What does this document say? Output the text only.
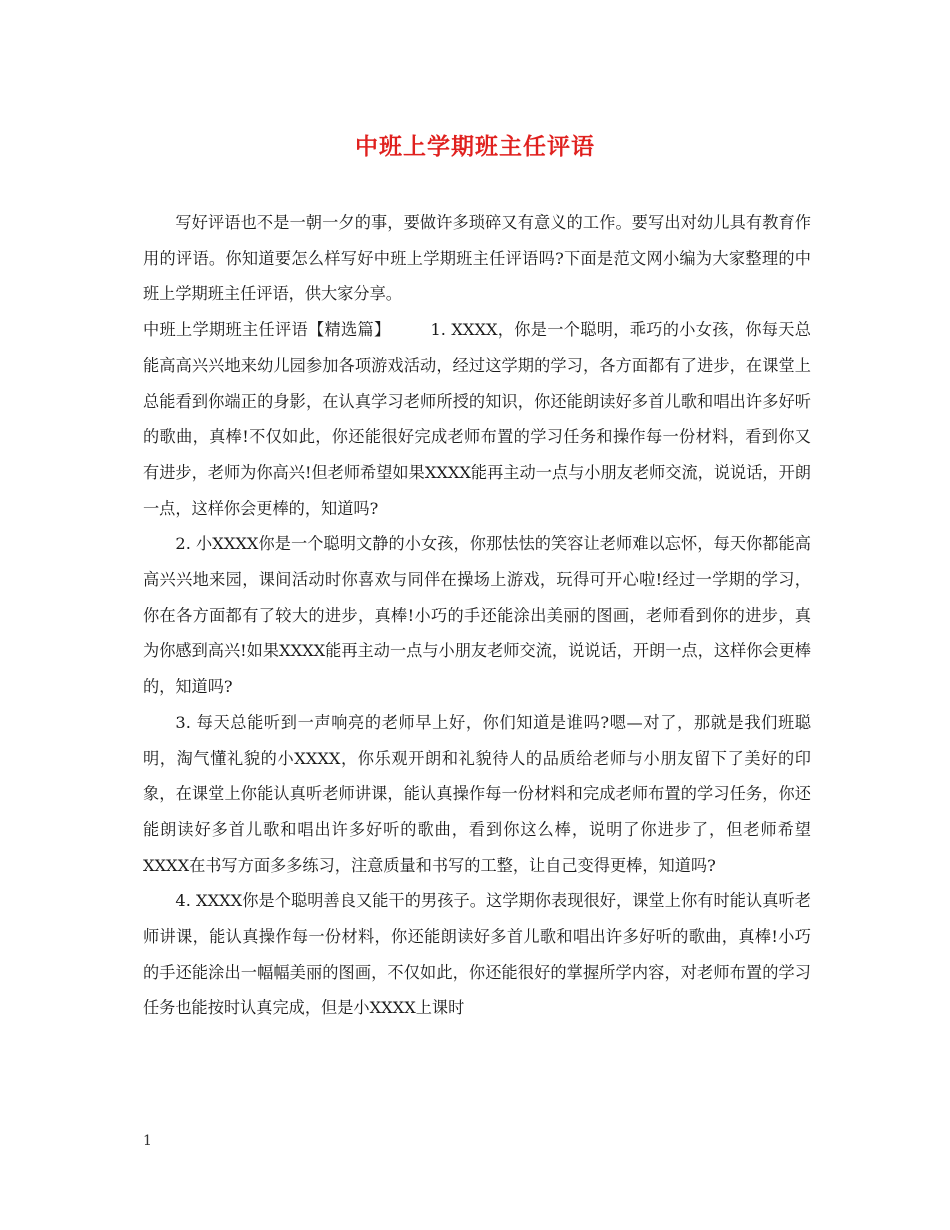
中班上学期班主任评语

写好评语也不是一朝一夕的事，要做许多琐碎又有意义的工作。要写出对幼儿具有教育作用的评语。你知道要怎么样写好中班上学期班主任评语吗?下面是范文网小编为大家整理的中班上学期班主任评语，供大家分享。

中班上学期班主任评语【精选篇】 1. XXXX，你是一个聪明，乖巧的小女孩，你每天总能高高兴兴地来幼儿园参加各项游戏活动，经过这学期的学习，各方面都有了进步，在课堂上总能看到你端正的身影，在认真学习老师所授的知识，你还能朗读好多首儿歌和唱出许多好听的歌曲，真棒!不仅如此，你还能很好完成老师布置的学习任务和操作每一份材料，看到你又有进步，老师为你高兴!但老师希望如果XXXX能再主动一点与小朋友老师交流，说说话，开朗一点，这样你会更棒的，知道吗?

2. 小XXXX你是一个聪明文静的小女孩，你那怯怯的笑容让老师难以忘怀，每天你都能高高兴兴地来园，课间活动时你喜欢与同伴在操场上游戏，玩得可开心啦!经过一学期的学习，你在各方面都有了较大的进步，真棒!小巧的手还能涂出美丽的图画，老师看到你的进步，真为你感到高兴!如果XXXX能再主动一点与小朋友老师交流，说说话，开朗一点，这样你会更棒的，知道吗?

3. 每天总能听到一声响亮的老师早上好，你们知道是谁吗?嗯—对了，那就是我们班聪明，淘气懂礼貌的小XXXX，你乐观开朗和礼貌待人的品质给老师与小朋友留下了美好的印象，在课堂上你能认真听老师讲课，能认真操作每一份材料和完成老师布置的学习任务，你还能朗读好多首儿歌和唱出许多好听的歌曲，看到你这么棒，说明了你进步了，但老师希望XXXX在书写方面多多练习，注意质量和书写的工整，让自己变得更棒，知道吗?

4. XXXX你是个聪明善良又能干的男孩子。这学期你表现很好，课堂上你有时能认真听老师讲课，能认真操作每一份材料，你还能朗读好多首儿歌和唱出许多好听的歌曲，真棒!小巧的手还能涂出一幅幅美丽的图画，不仅如此，你还能很好的掌握所学内容，对老师布置的学习任务也能按时认真完成，但是小XXXX上课时

1
